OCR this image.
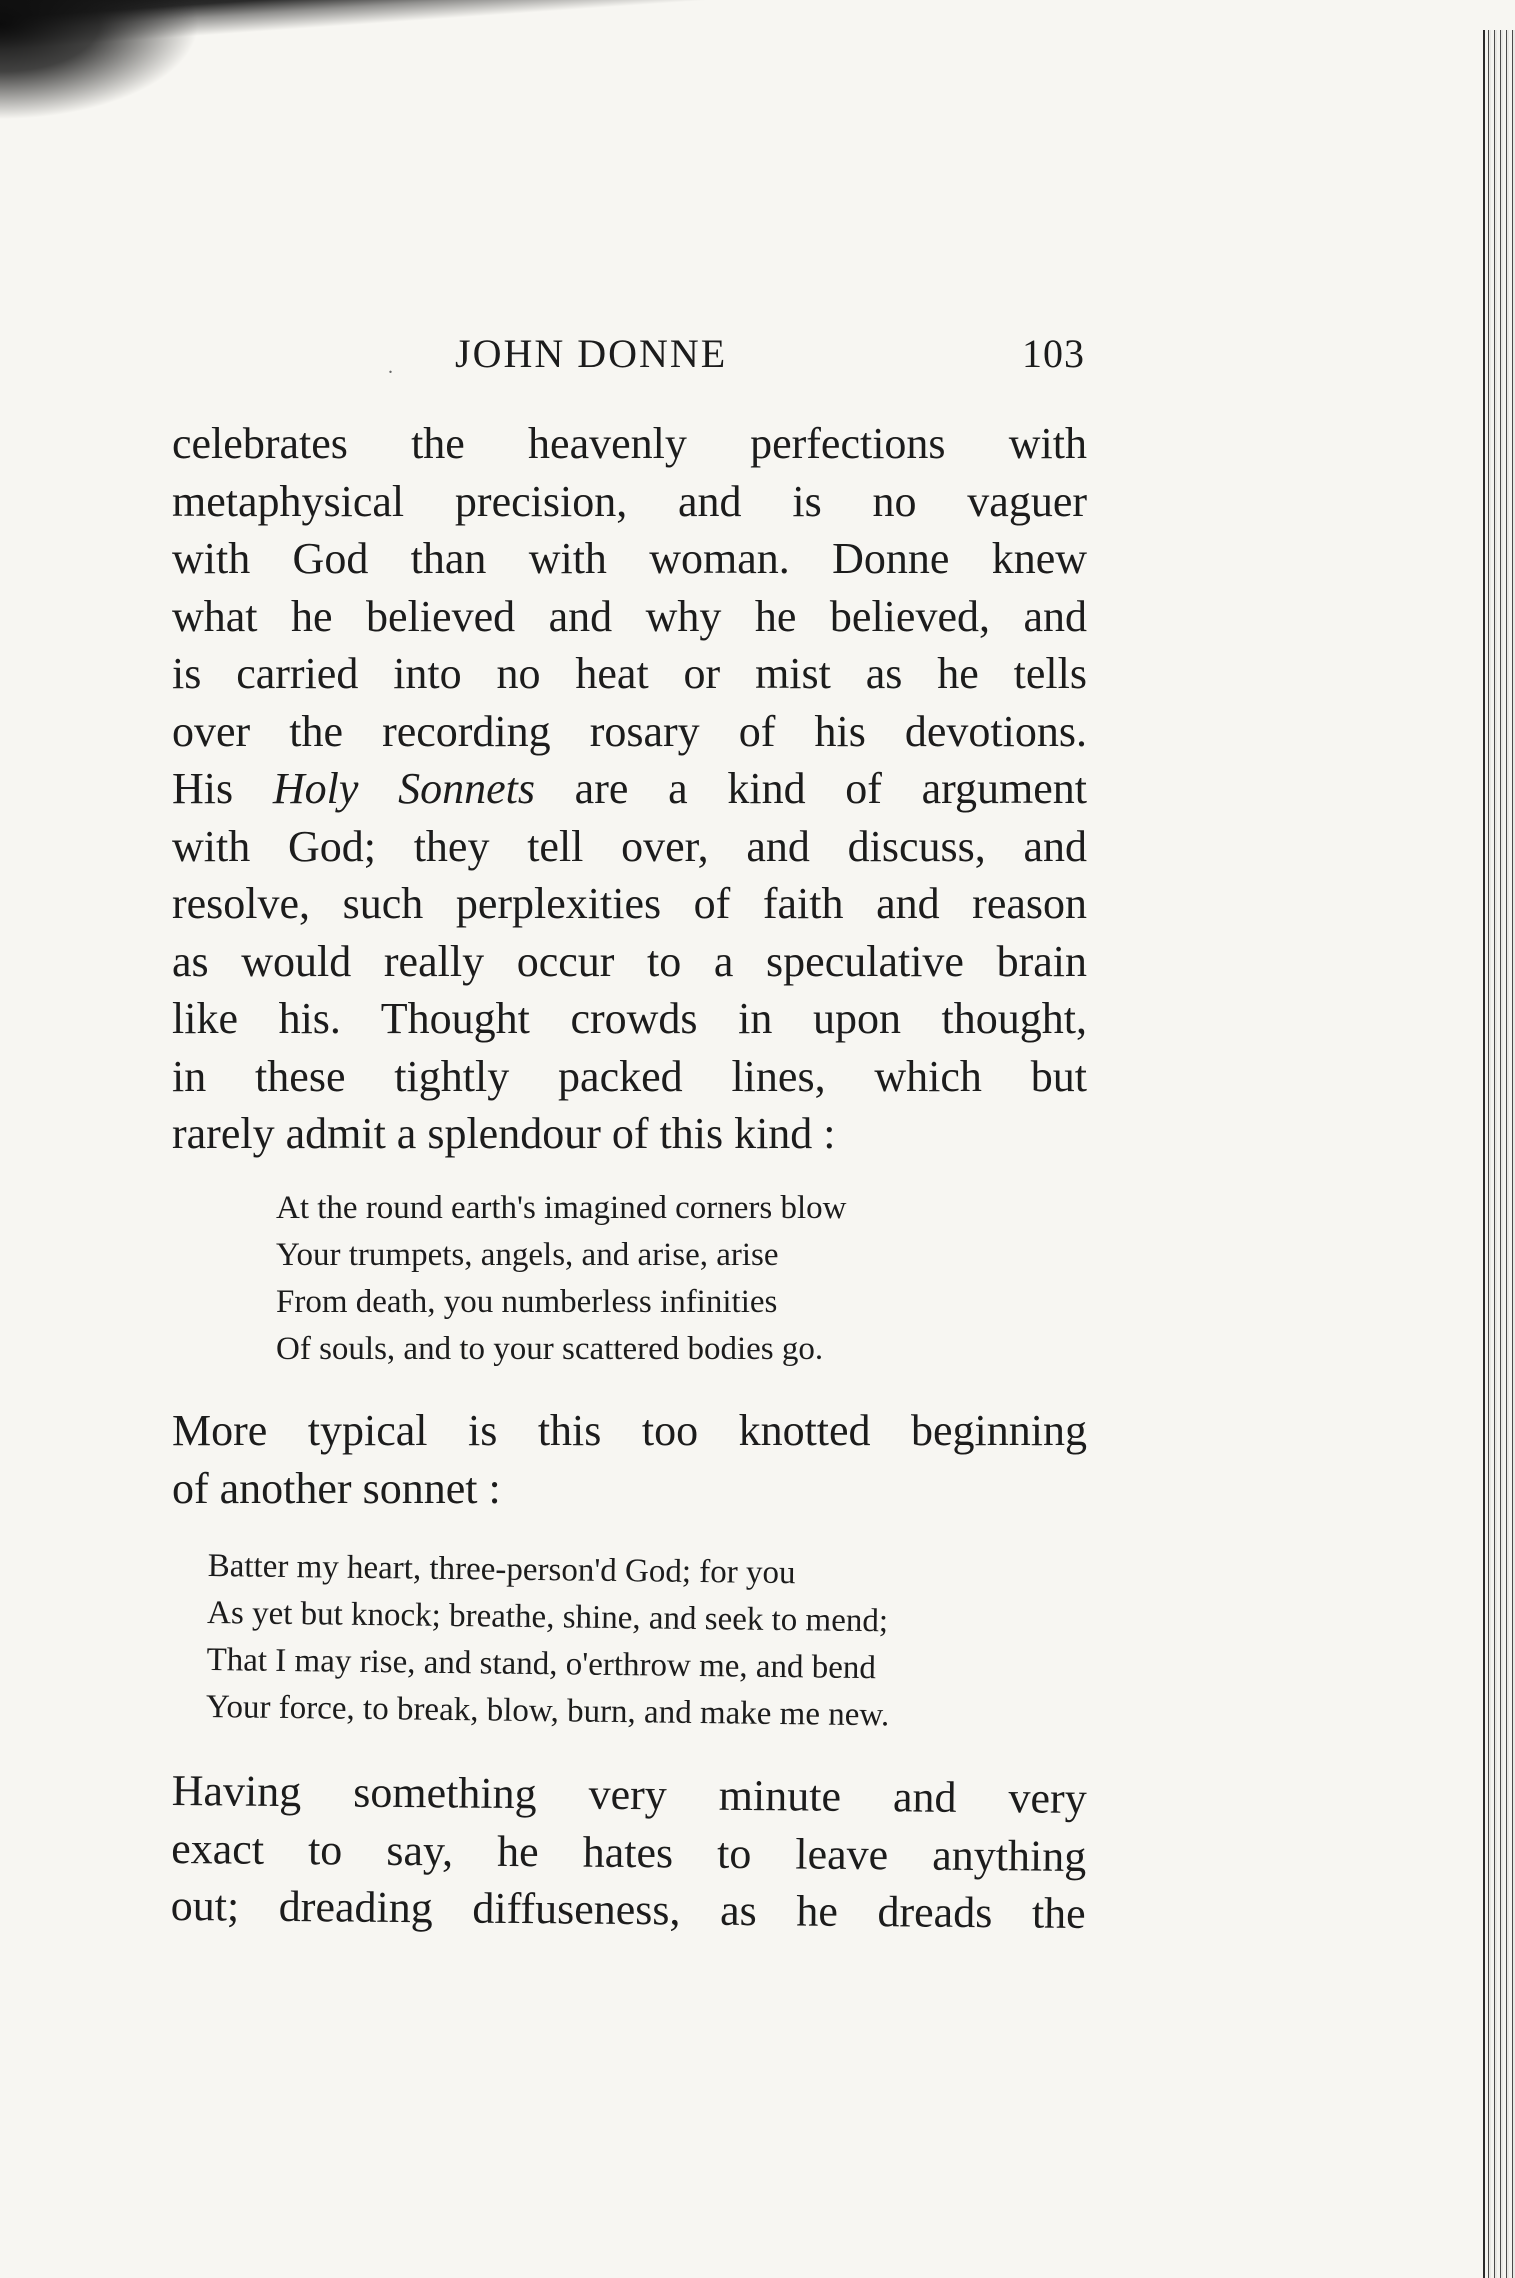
. JOHN DONNE	103
celebrates the heavenly perfections with
metaphysical precision, and is no vaguer
with God than with woman. Donne knew
what he believed and why he believed, and
is carried into no heat or mist as he tells
over the recording rosary of his devotions.
His Holy Sonnets are a kind of argument
with God; they tell over, and discuss, and
resolve, such perplexities of faith and reason
as would really occur to a speculative brain
like his. Thought crowds in upon thought,
in these tightly packed lines, which but
rarely admit a splendour of this kind :
At the round earth's imagined corners blow
Your trumpets, angels, and arise, arise
From death, you numberless infinities
Of souls, and to your scattered bodies go.
More typical is this too knotted beginning
of another sonnet :
Batter my heart, three-person'd God; for you
As yet but knock; breathe, shine, and seek to mend;
That I may rise, and stand, o'erthrow me, and bend
Your force, to break, blow, burn, and make me new.
Having something very minute and very
exact to say, he hates to leave anything
out; dreading diffuseness, as he dreads the
